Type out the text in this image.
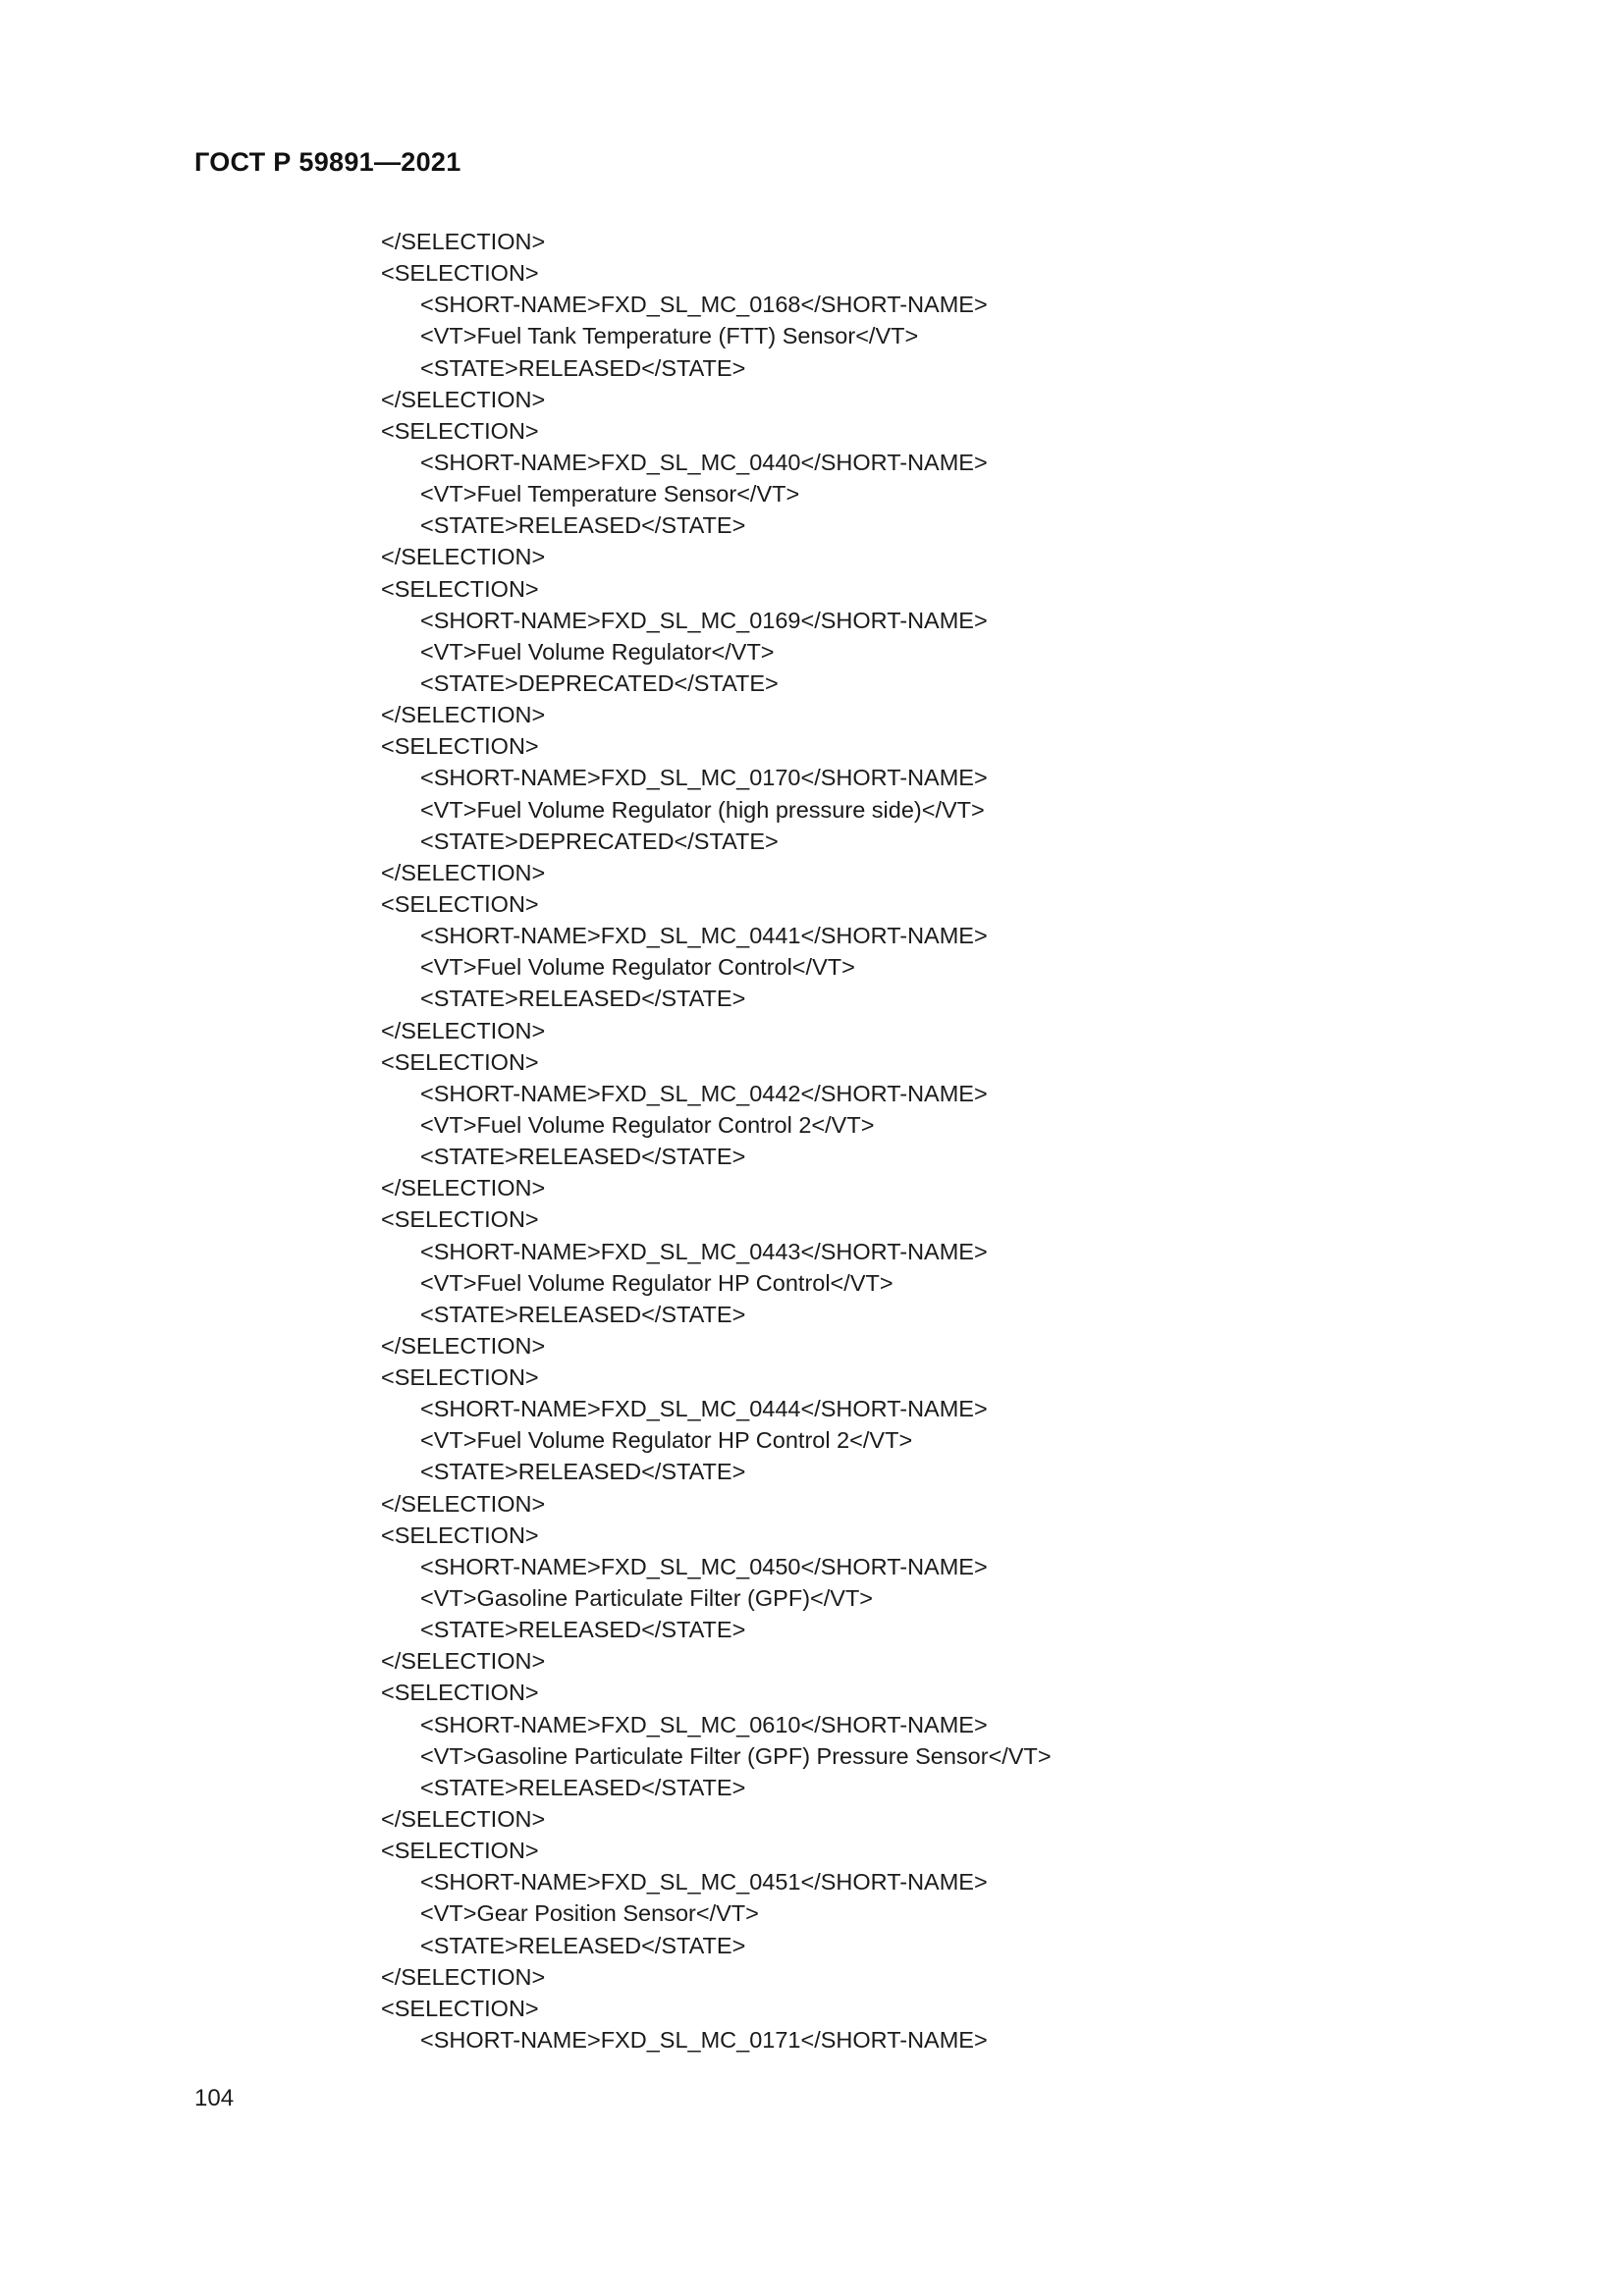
ГОСТ Р 59891—2021
</SELECTION>
<SELECTION>
<SHORT-NAME>FXD_SL_MC_0168</SHORT-NAME>
<VT>Fuel Tank Temperature (FTT) Sensor</VT>
<STATE>RELEASED</STATE>
</SELECTION>
<SELECTION>
<SHORT-NAME>FXD_SL_MC_0440</SHORT-NAME>
<VT>Fuel Temperature Sensor</VT>
<STATE>RELEASED</STATE>
</SELECTION>
<SELECTION>
<SHORT-NAME>FXD_SL_MC_0169</SHORT-NAME>
<VT>Fuel Volume Regulator</VT>
<STATE>DEPRECATED</STATE>
</SELECTION>
<SELECTION>
<SHORT-NAME>FXD_SL_MC_0170</SHORT-NAME>
<VT>Fuel Volume Regulator (high pressure side)</VT>
<STATE>DEPRECATED</STATE>
</SELECTION>
<SELECTION>
<SHORT-NAME>FXD_SL_MC_0441</SHORT-NAME>
<VT>Fuel Volume Regulator Control</VT>
<STATE>RELEASED</STATE>
</SELECTION>
<SELECTION>
<SHORT-NAME>FXD_SL_MC_0442</SHORT-NAME>
<VT>Fuel Volume Regulator Control 2</VT>
<STATE>RELEASED</STATE>
</SELECTION>
<SELECTION>
<SHORT-NAME>FXD_SL_MC_0443</SHORT-NAME>
<VT>Fuel Volume Regulator HP Control</VT>
<STATE>RELEASED</STATE>
</SELECTION>
<SELECTION>
<SHORT-NAME>FXD_SL_MC_0444</SHORT-NAME>
<VT>Fuel Volume Regulator HP Control 2</VT>
<STATE>RELEASED</STATE>
</SELECTION>
<SELECTION>
<SHORT-NAME>FXD_SL_MC_0450</SHORT-NAME>
<VT>Gasoline Particulate Filter (GPF)</VT>
<STATE>RELEASED</STATE>
</SELECTION>
<SELECTION>
<SHORT-NAME>FXD_SL_MC_0610</SHORT-NAME>
<VT>Gasoline Particulate Filter (GPF) Pressure Sensor</VT>
<STATE>RELEASED</STATE>
</SELECTION>
<SELECTION>
<SHORT-NAME>FXD_SL_MC_0451</SHORT-NAME>
<VT>Gear Position Sensor</VT>
<STATE>RELEASED</STATE>
</SELECTION>
<SELECTION>
<SHORT-NAME>FXD_SL_MC_0171</SHORT-NAME>
104
